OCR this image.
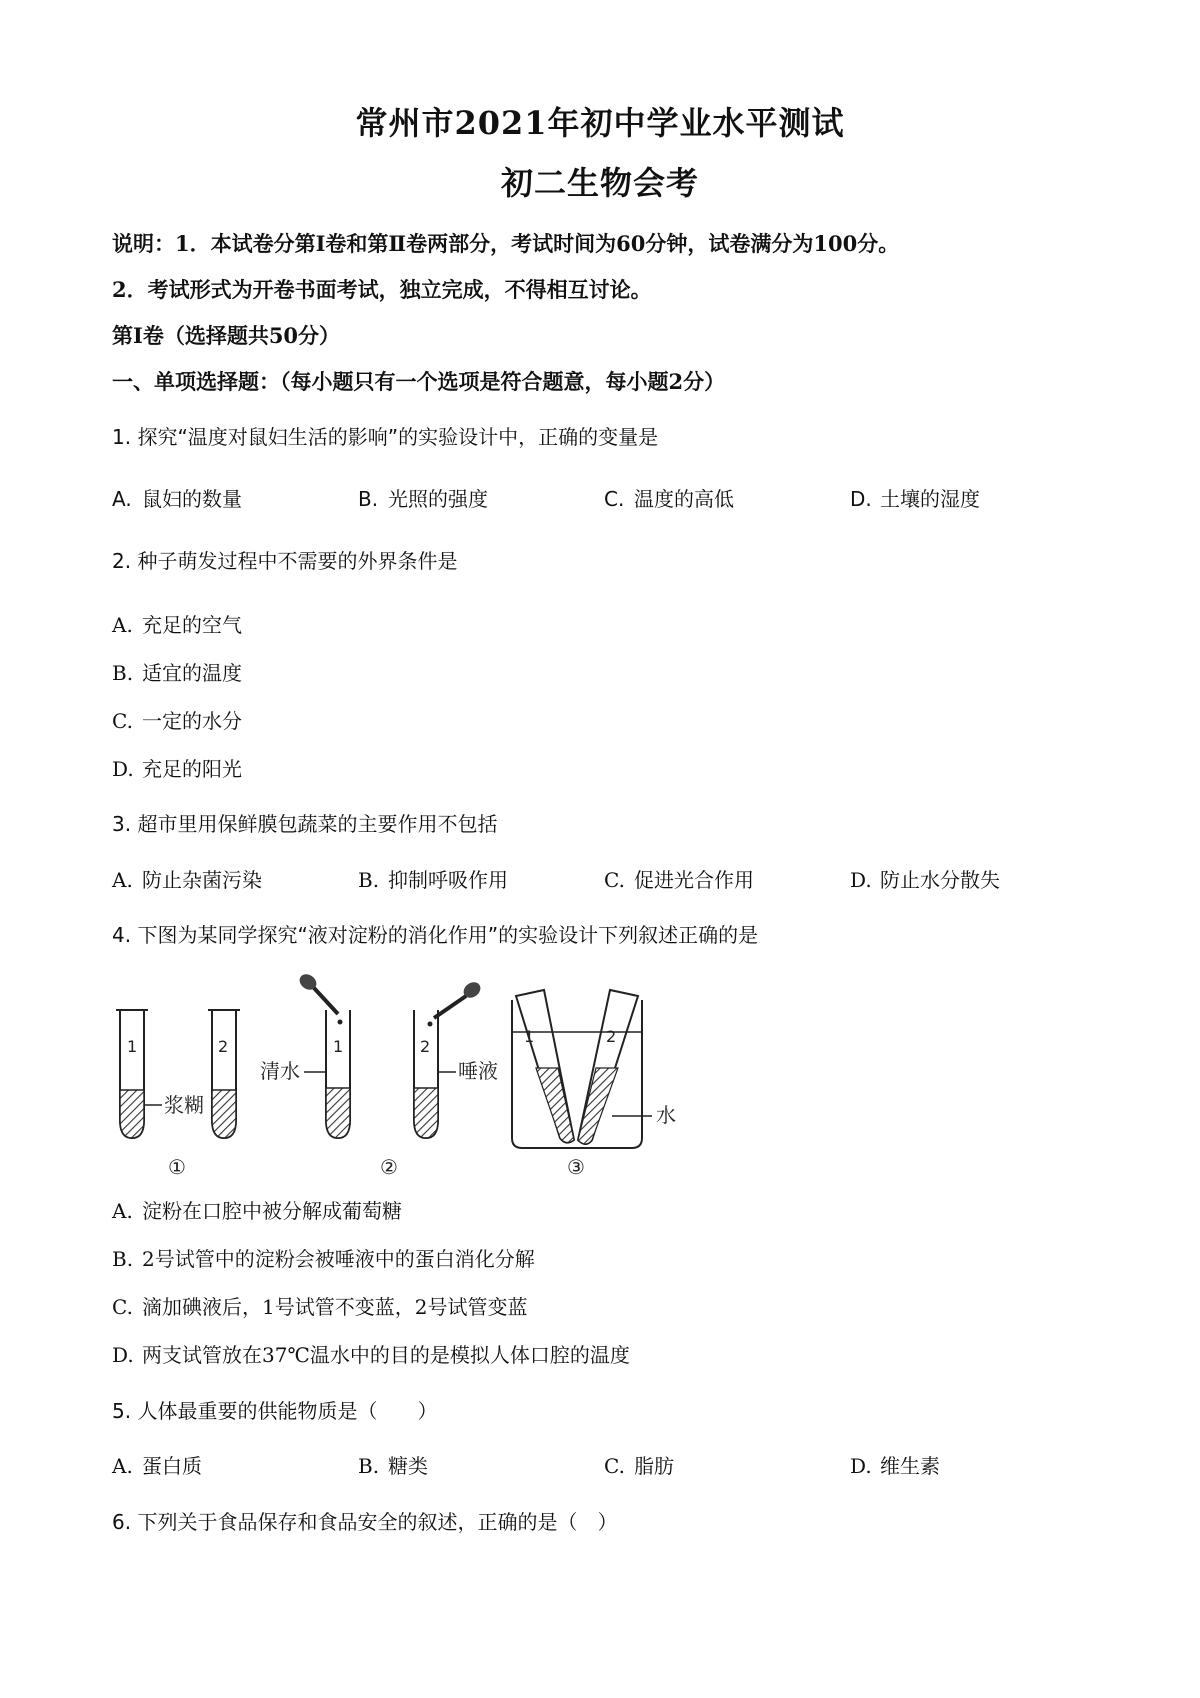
常州市2021年初中学业水平测试
初二生物会考
说明：1．本试卷分第Ⅰ卷和第Ⅱ卷两部分，考试时间为60分钟，试卷满分为100分。
2．考试形式为开卷书面考试，独立完成，不得相互讨论。
第Ⅰ卷（选择题共50分）
一、单项选择题：（每小题只有一个选项是符合题意，每小题2分）
1. 探究“温度对鼠妇生活的影响”的实验设计中，正确的变量是
A. 鼠妇的数量	B. 光照的强度	C. 温度的高低	D. 土壤的湿度
2. 种子萌发过程中不需要的外界条件是
A. 充足的空气
B. 适宜的温度
C. 一定的水分
D. 充足的阳光
3. 超市里用保鲜膜包蔬菜的主要作用不包括
A. 防止杂菌污染	B. 抑制呼吸作用	C. 促进光合作用	D. 防止水分散失
4. 下图为某同学探究“液对淀粉的消化作用”的实验设计下列叙述正确的是
1	2
浆糊
①
清水
1	2
唾液
②
1	2
水
③
A. 淀粉在口腔中被分解成葡萄糖
B. 2号试管中的淀粉会被唾液中的蛋白消化分解
C. 滴加碘液后，1号试管不变蓝，2号试管变蓝
D. 两支试管放在37℃温水中的目的是模拟人体口腔的温度
5. 人体最重要的供能物质是（　　）
A. 蛋白质	B. 糖类	C. 脂肪	D. 维生素
6. 下列关于食品保存和食品安全的叙述，正确的是（　）
